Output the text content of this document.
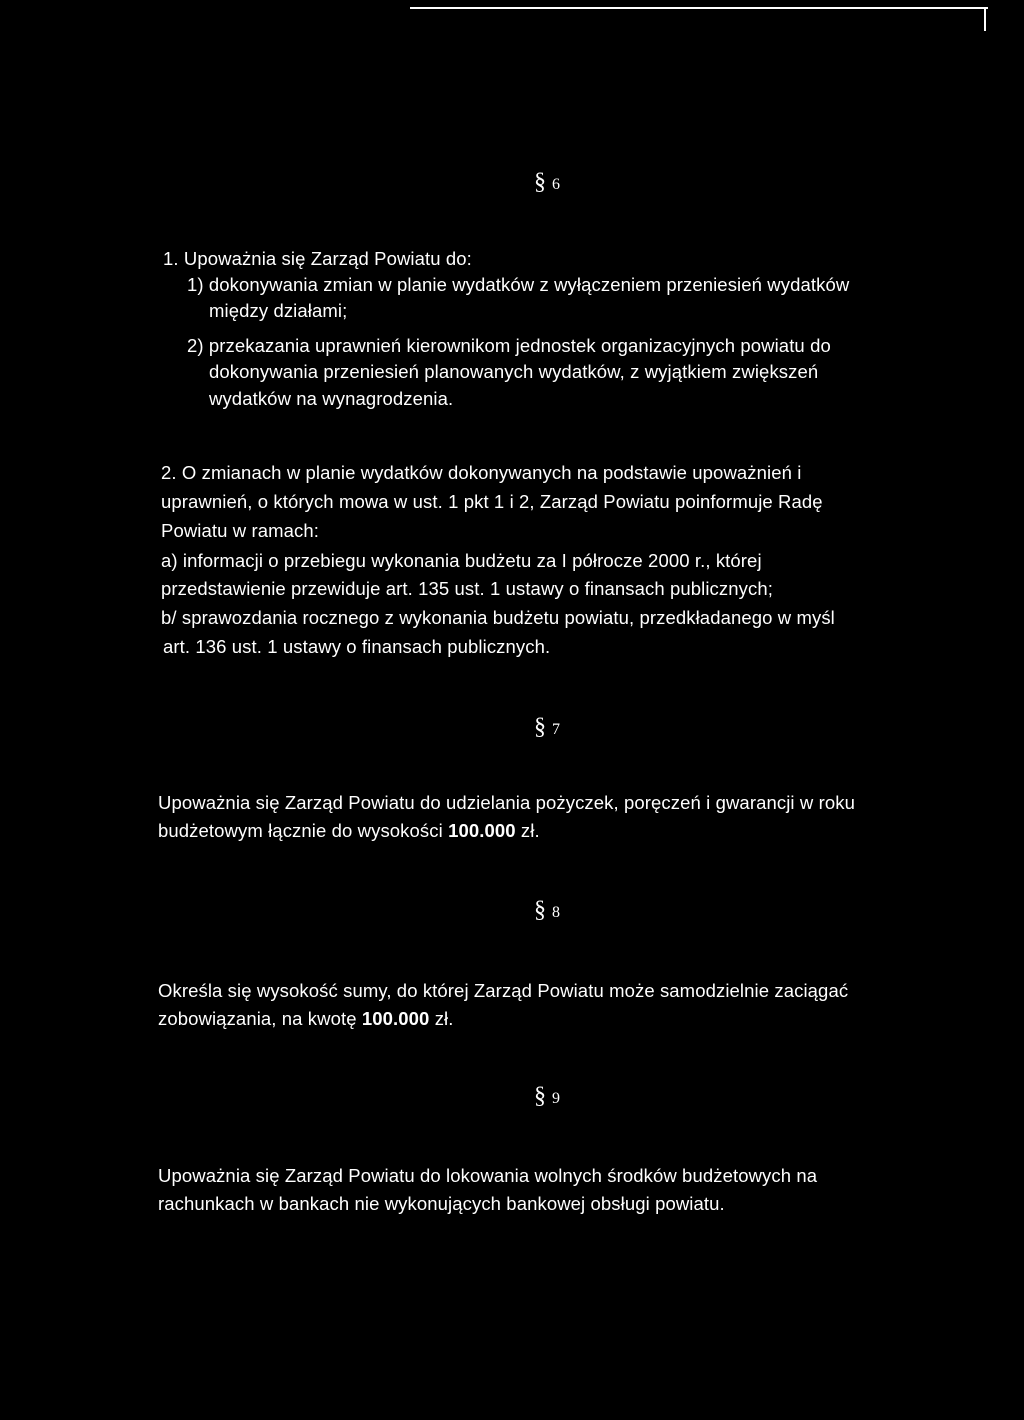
§ 6
1. Upoważnia się Zarząd Powiatu do:
1) dokonywania zmian w planie wydatków z wyłączeniem przeniesień wydatków
między działami;
2) przekazania uprawnień kierownikom jednostek organizacyjnych powiatu do
dokonywania przeniesień planowanych wydatków, z wyjątkiem zwiększeń
wydatków na wynagrodzenia.
2. O zmianach w planie wydatków dokonywanych na podstawie upoważnień i
uprawnień, o których mowa w ust. 1 pkt 1 i 2, Zarząd Powiatu poinformuje Radę
Powiatu w ramach:
a) informacji o przebiegu wykonania budżetu za I półrocze 2000 r., której
przedstawienie przewiduje art. 135 ust. 1 ustawy o finansach publicznych;
b/ sprawozdania rocznego z wykonania budżetu powiatu, przedkładanego w myśl
art. 136 ust. 1 ustawy o finansach publicznych.
§ 7
Upoważnia się Zarząd Powiatu do udzielania pożyczek, poręczeń i gwarancji w roku
budżetowym łącznie do wysokości 100.000 zł.
§ 8
Określa się wysokość sumy, do której Zarząd Powiatu może samodzielnie zaciągać
zobowiązania, na kwotę 100.000 zł.
§ 9
Upoważnia się Zarząd Powiatu do lokowania wolnych środków budżetowych na
rachunkach w bankach nie wykonujących bankowej obsługi powiatu.
